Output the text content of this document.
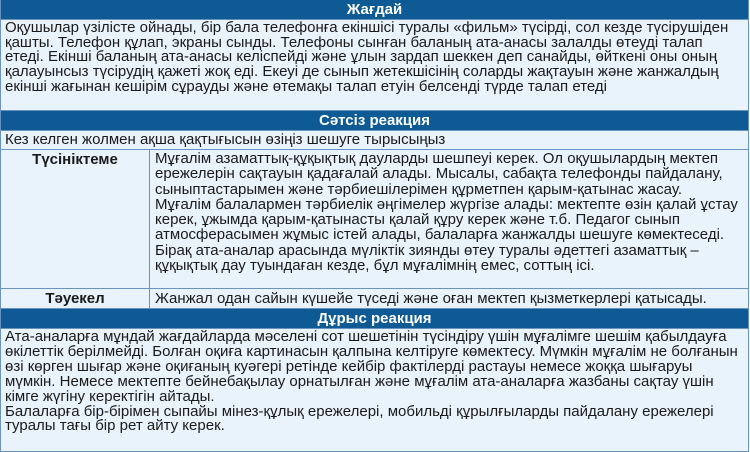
Жағдай

Оқушылар үзілісте ойнады, бір бала телефонға екіншісі туралы «фильм» түсірді, сол кезде түсірушіден қашты. Телефон құлап, экраны сынды. Телефоны сынған баланың ата-анасы залалды өтеуді талап етеді. Екінші баланың ата-анасы келіспейді және ұлын зардап шеккен деп санайды, өйткені оны оның қалауынсыз түсірудің қажеті жоқ еді. Екеуі де сынып жетекшісінің соларды жақтауын және жанжалдың екінші жағынан кешірім сұрауды және өтемақы талап етуін белсенді түрде талап етеді

Сәтсіз реакция
Кез келген жолмен ақша қақтығысын өзіңіз шешуге тырысыңыз
Түсініктеме	Мұғалім азаматтық-құқықтық дауларды шешпеуі керек. Ол оқушылардың мектеп ережелерін сақтауын қадағалай алады. Мысалы, сабақта телефонды пайдалану, сыныптастарымен және тәрбиешілерімен құрметпен қарым-қатынас жасау.

Мұғалім балалармен тәрбиелік әңгімелер жүргізе алады: мектепте өзін қалай ұстау керек, ұжымда қарым-қатынасты қалай құру керек және т.б. Педагог сынып атмосферасымен жұмыс істей алады, балаларға жанжалды шешуге көмектеседі.

Бірақ ата-аналар арасында мүліктік зиянды өтеу туралы әдеттегі азаматтық – құқықтық дау туындаған кезде, бұл мұғалімнің емес, соттың ісі.

Тәуекел	Жанжал одан сайын күшейе түседі және оған мектеп қызметкерлері қатысады.

Дұрыс реакция

Ата-аналарға мұндай жағдайларда мәселені сот шешетінін түсіндіру үшін мұғалімге шешім қабылдауға өкілеттік берілмейді. Болған оқиға картинасын қалпына келтіруге көмектесу. Мүмкін мұғалім не болғанын өзі көрген шығар және оқиғаның куәгері ретінде кейбір фактілерді растауы немесе жоққа шығаруы мүмкін. Немесе мектепте бейнебақылау орнатылған және мұғалім ата-аналарға жазбаны сақтау үшін кімге жүгіну керектігін айтады.

Балаларға бір-бірімен сыпайы мінез-құлық ережелері, мобильді құрылғыларды пайдалану ережелері туралы тағы бір рет айту керек.
